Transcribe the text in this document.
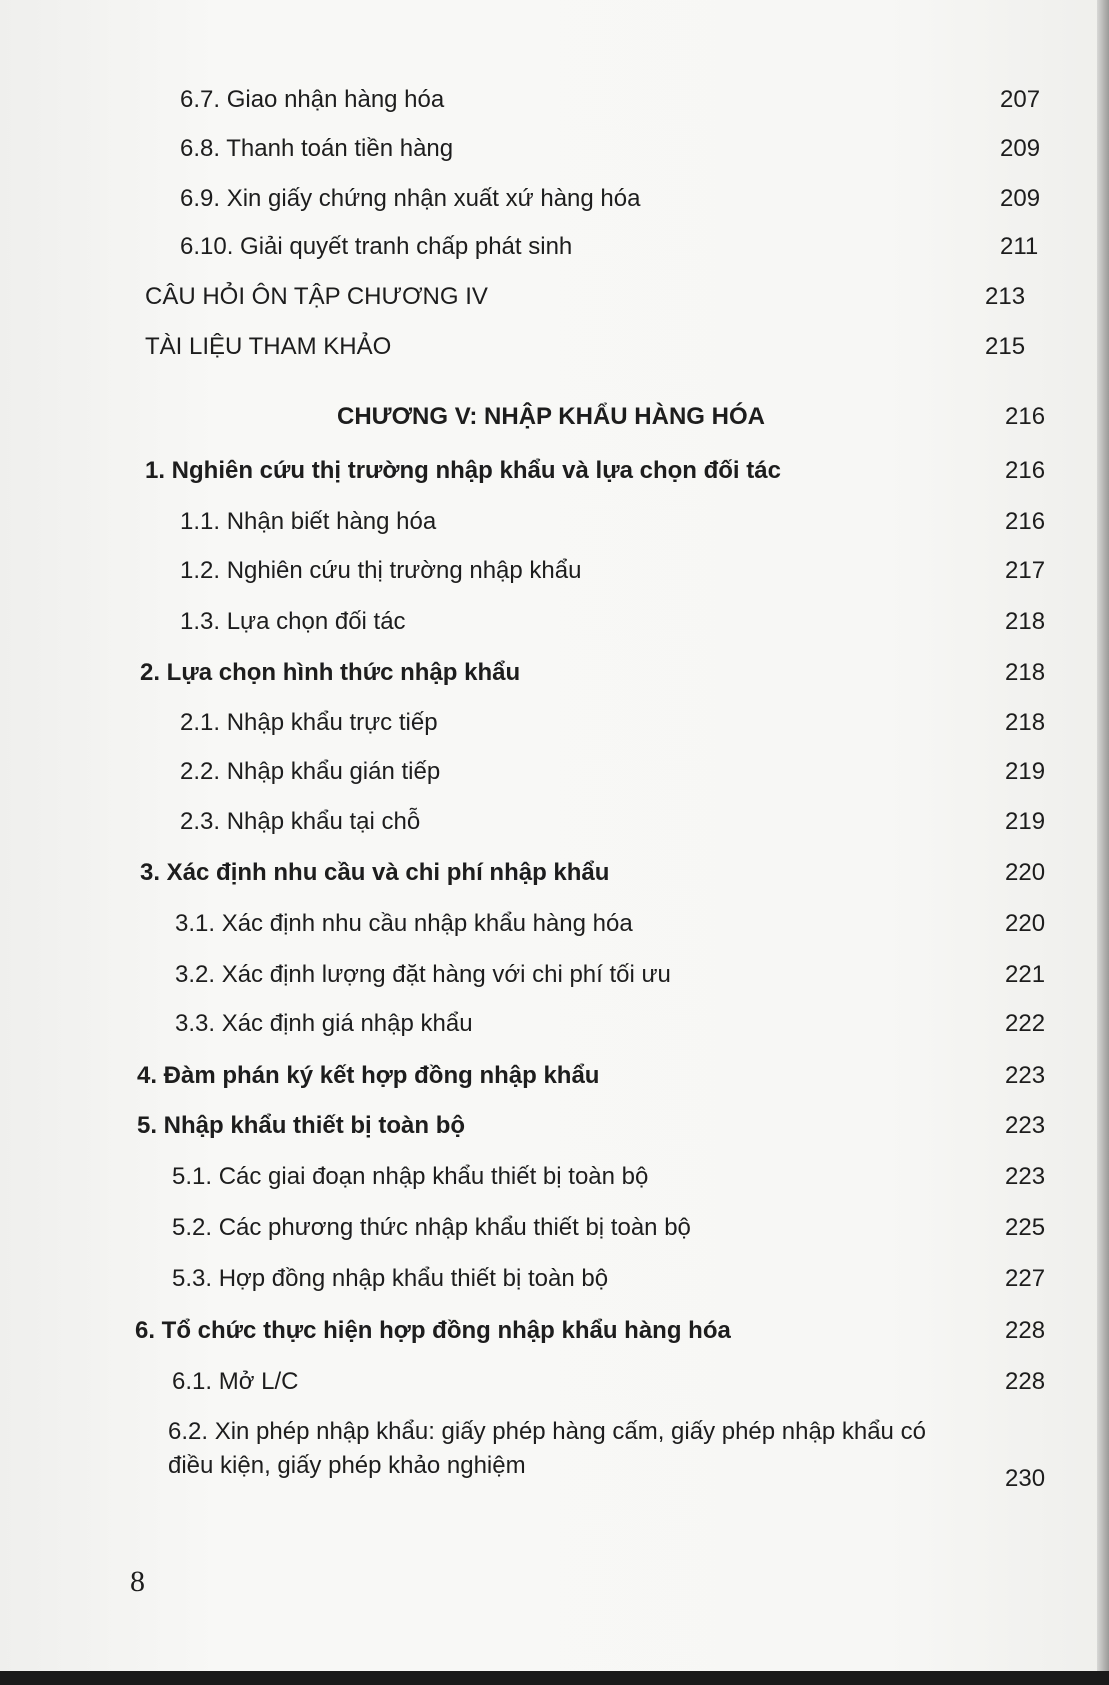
6.7. Giao nhận hàng hóa	207
6.8. Thanh toán tiền hàng	209
6.9. Xin giấy chứng nhận xuất xứ hàng hóa	209
6.10. Giải quyết tranh chấp phát sinh	211
CÂU HỎI ÔN TẬP CHƯƠNG IV	213
TÀI LIỆU THAM KHẢO	215
CHƯƠNG V: NHẬP KHẨU HÀNG HÓA	216
1. Nghiên cứu thị trường nhập khẩu và lựa chọn đối tác	216
1.1. Nhận biết hàng hóa	216
1.2. Nghiên cứu thị trường nhập khẩu	217
1.3. Lựa chọn đối tác	218
2. Lựa chọn hình thức nhập khẩu	218
2.1. Nhập khẩu trực tiếp	218
2.2. Nhập khẩu gián tiếp	219
2.3. Nhập khẩu tại chỗ	219
3. Xác định nhu cầu và chi phí nhập khẩu	220
3.1. Xác định nhu cầu nhập khẩu hàng hóa	220
3.2. Xác định lượng đặt hàng với chi phí tối ưu	221
3.3. Xác định giá nhập khẩu	222
4. Đàm phán ký kết hợp đồng nhập khẩu	223
5. Nhập khẩu thiết bị toàn bộ	223
5.1. Các giai đoạn nhập khẩu thiết bị toàn bộ	223
5.2. Các phương thức nhập khẩu thiết bị toàn bộ	225
5.3. Hợp đồng nhập khẩu thiết bị toàn bộ	227
6. Tổ chức thực hiện hợp đồng nhập khẩu hàng hóa	228
6.1. Mở L/C	228
6.2. Xin phép nhập khẩu: giấy phép hàng cấm, giấy phép nhập khẩu có điều kiện, giấy phép khảo nghiệm	230
8
